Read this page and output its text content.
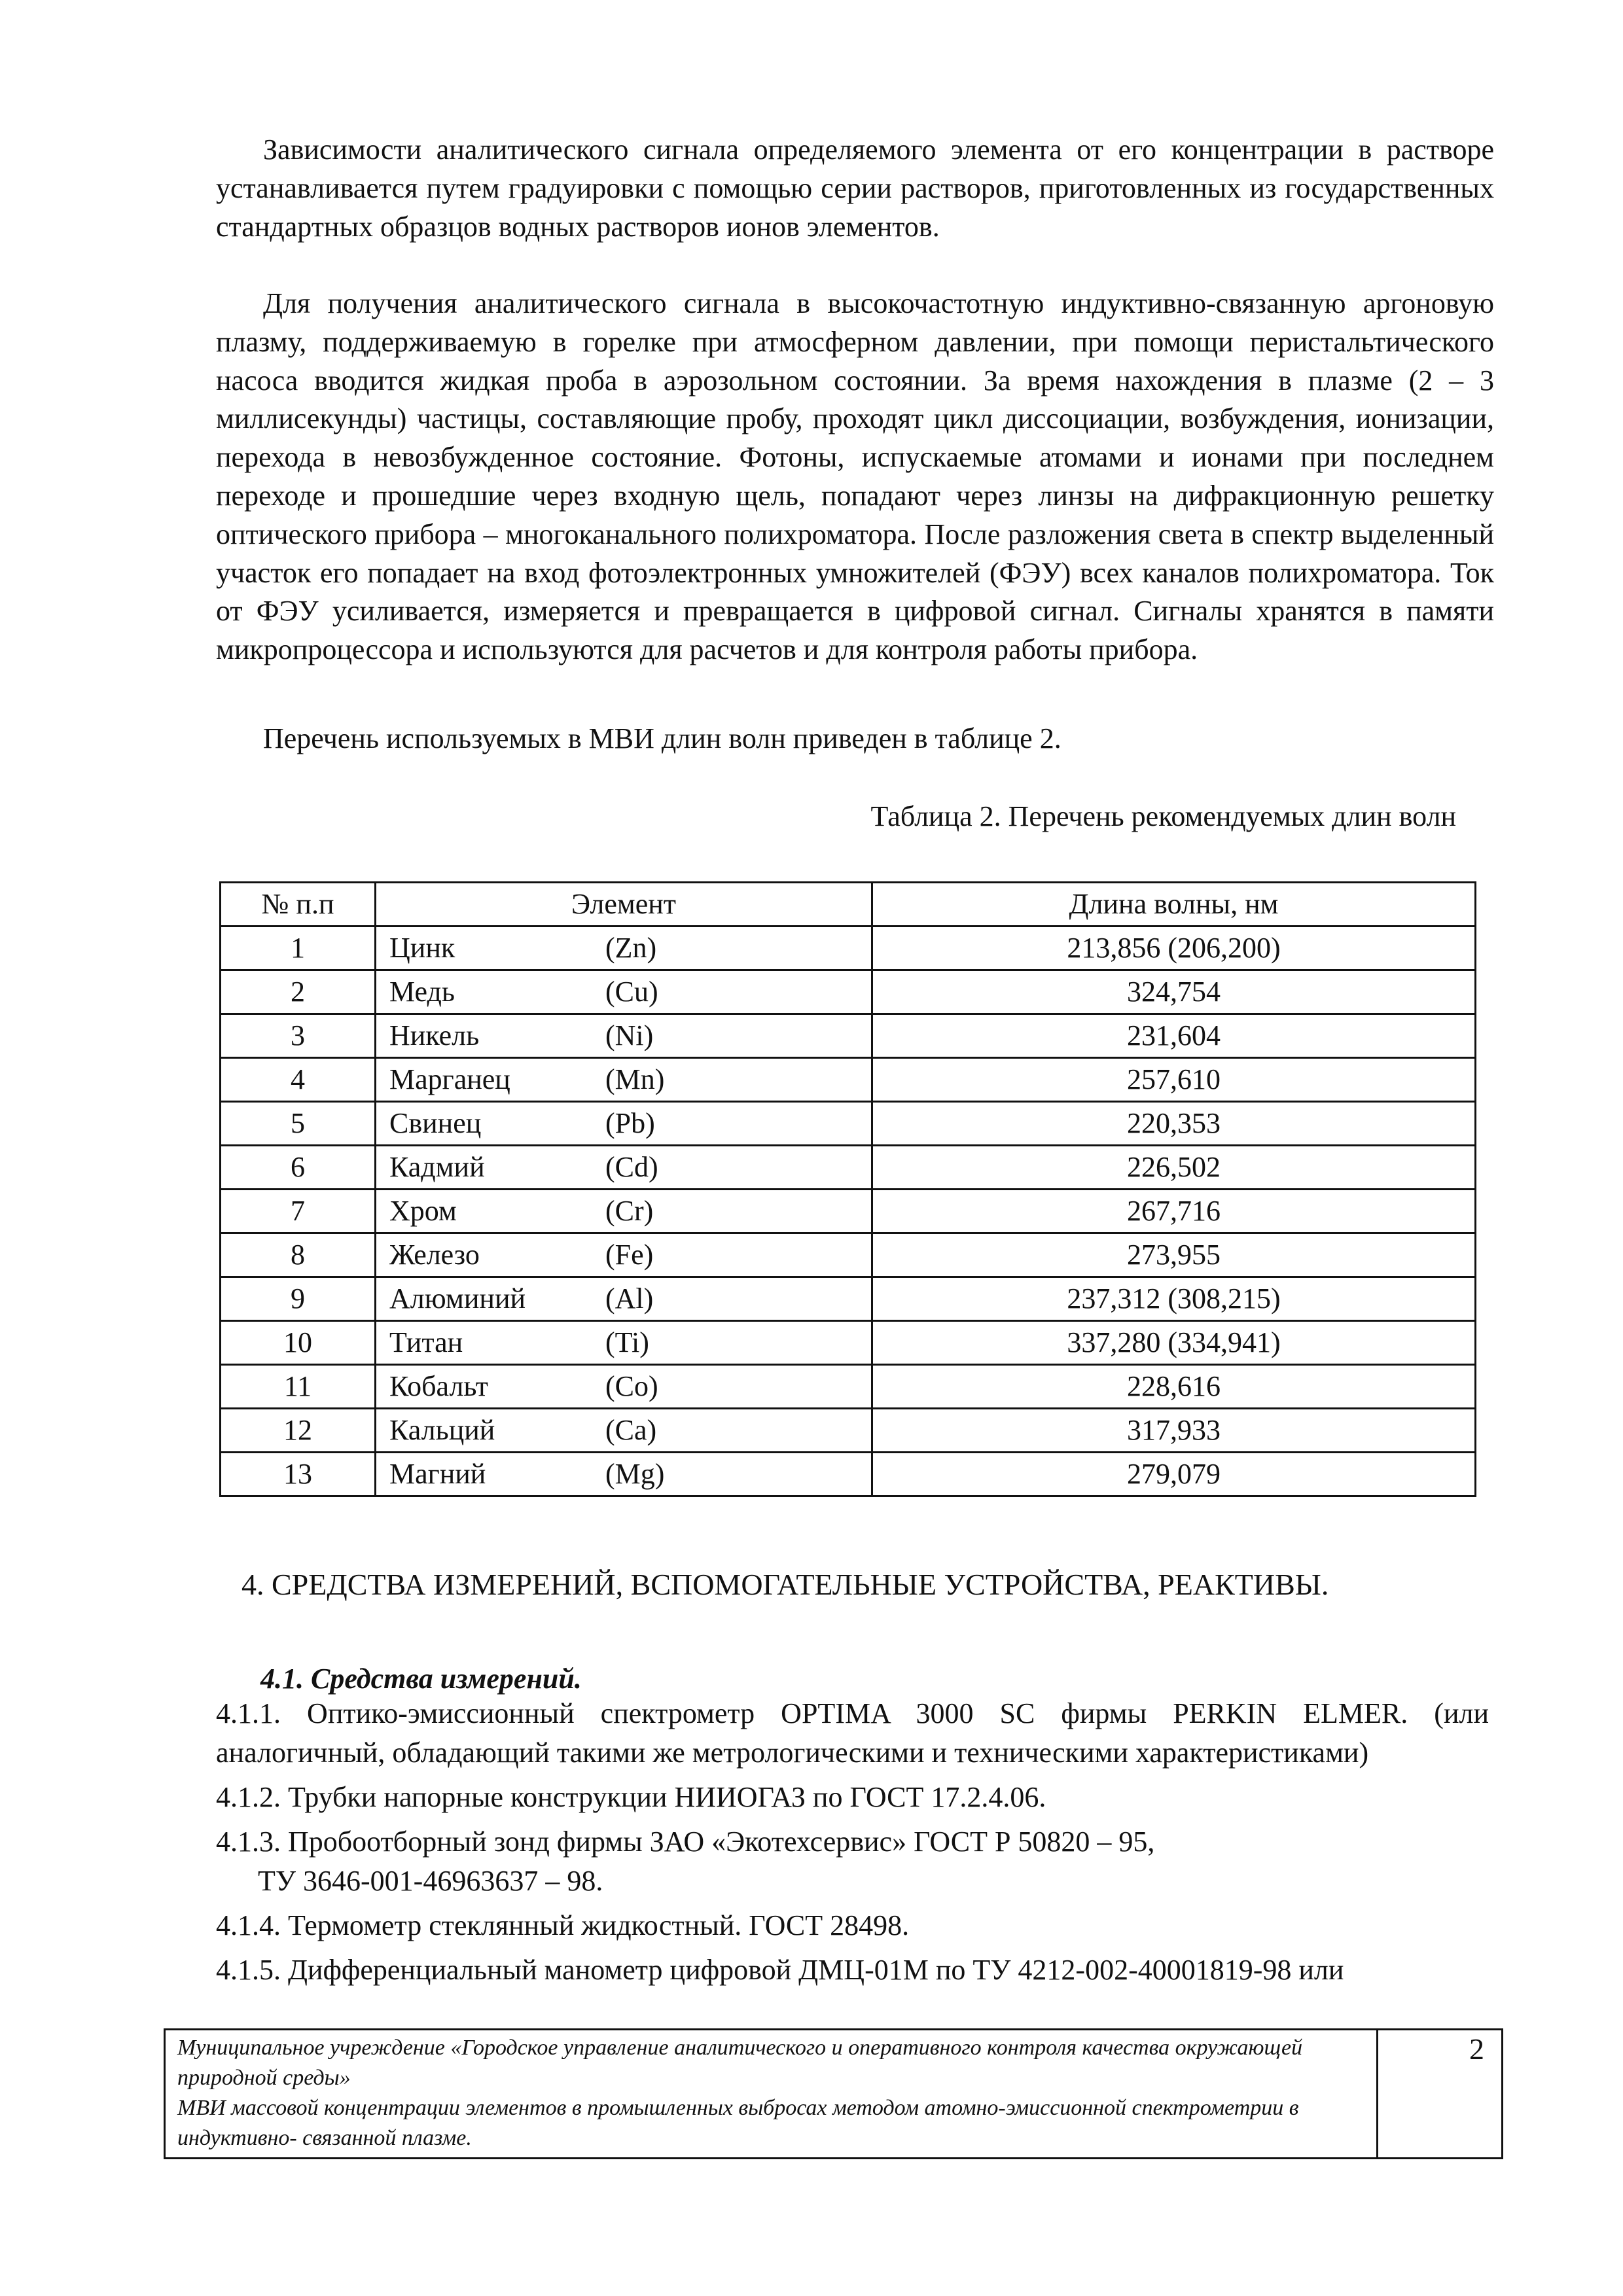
Зависимости аналитического сигнала определяемого элемента от его концентрации в растворе устанавливается путем градуировки с помощью серии растворов, приготовленных из государственных стандартных образцов водных растворов ионов элементов.
Для получения аналитического сигнала в высокочастотную индуктивно-связанную аргоновую плазму, поддерживаемую в горелке при атмосферном давлении, при помощи перистальтического насоса вводится жидкая проба в аэрозольном состоянии. За время нахождения в плазме (2 – 3 миллисекунды) частицы, составляющие пробу, проходят цикл диссоциации, возбуждения, ионизации, перехода в невозбужденное состояние. Фотоны, испускаемые атомами и ионами при последнем переходе и прошедшие через входную щель, попадают через линзы на дифракционную решетку оптического прибора – многоканального полихроматора. После разложения света в спектр выделенный участок его попадает на вход фотоэлектронных умножителей (ФЭУ) всех каналов полихроматора. Ток от ФЭУ усиливается, измеряется и превращается в цифровой сигнал. Сигналы хранятся в памяти микропроцессора и используются для расчетов и для контроля работы прибора.
Перечень используемых в МВИ длин волн приведен в таблице 2.
Таблица 2. Перечень рекомендуемых длин волн
№ п.п	Элемент	Длина волны, нм
1	Цинк (Zn)	213,856 (206,200)
2	Медь (Cu)	324,754
3	Никель (Ni)	231,604
4	Марганец (Mn)	257,610
5	Свинец (Pb)	220,353
6	Кадмий (Cd)	226,502
7	Хром (Cr)	267,716
8	Железо (Fe)	273,955
9	Алюминий (Al)	237,312 (308,215)
10	Титан (Ti)	337,280 (334,941)
11	Кобальт (Co)	228,616
12	Кальций (Ca)	317,933
13	Магний (Mg)	279,079
4. СРЕДСТВА ИЗМЕРЕНИЙ, ВСПОМОГАТЕЛЬНЫЕ УСТРОЙСТВА, РЕАКТИВЫ.
4.1. Средства измерений.
4.1.1. Оптико-эмиссионный спектрометр OPTIMA 3000 SC фирмы PERKIN ELMER. (или аналогичный, обладающий такими же метрологическими и техническими характеристиками)
4.1.2. Трубки напорные конструкции НИИОГАЗ по ГОСТ 17.2.4.06.
4.1.3. Пробоотборный зонд фирмы ЗАО «Экотехсервис» ГОСТ Р 50820 – 95,
ТУ 3646-001-46963637 – 98.
4.1.4. Термометр стеклянный жидкостный. ГОСТ 28498.
4.1.5. Дифференциальный манометр цифровой ДМЦ-01М по ТУ 4212-002-40001819-98 или
Муниципальное учреждение «Городское управление аналитического и оперативного контроля качества окружающей природной среды»
МВИ массовой концентрации элементов в промышленных выбросах методом атомно-эмиссионной спектрометрии в индуктивно- связанной плазме.
2
